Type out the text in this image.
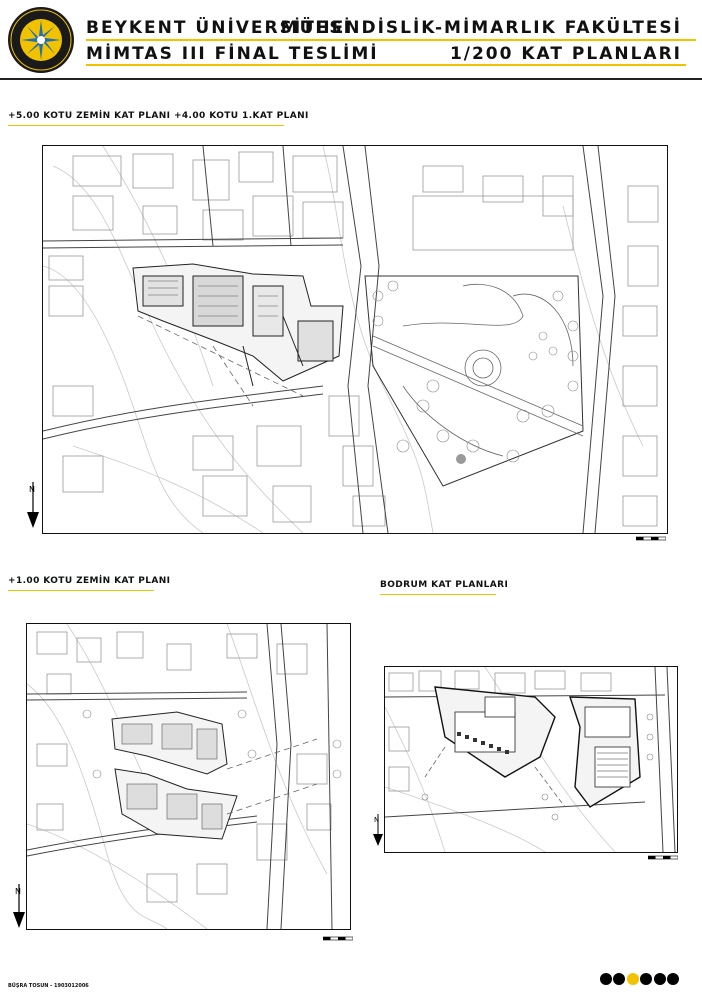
BEYKENT ÜNİVERSİTESİ
MİMTAS III FİNAL TESLİMİ
MÜHENDİSLİK-MİMARLIK FAKÜLTESİ
1/200 KAT PLANLARI
+5.00 KOTU ZEMİN KAT PLANI +4.00 KOTU 1.KAT PLANI
N
+1.00 KOTU ZEMİN KAT PLANI
N
BODRUM KAT PLANLARI
N
BÜŞRA TOSUN - 1903012006
